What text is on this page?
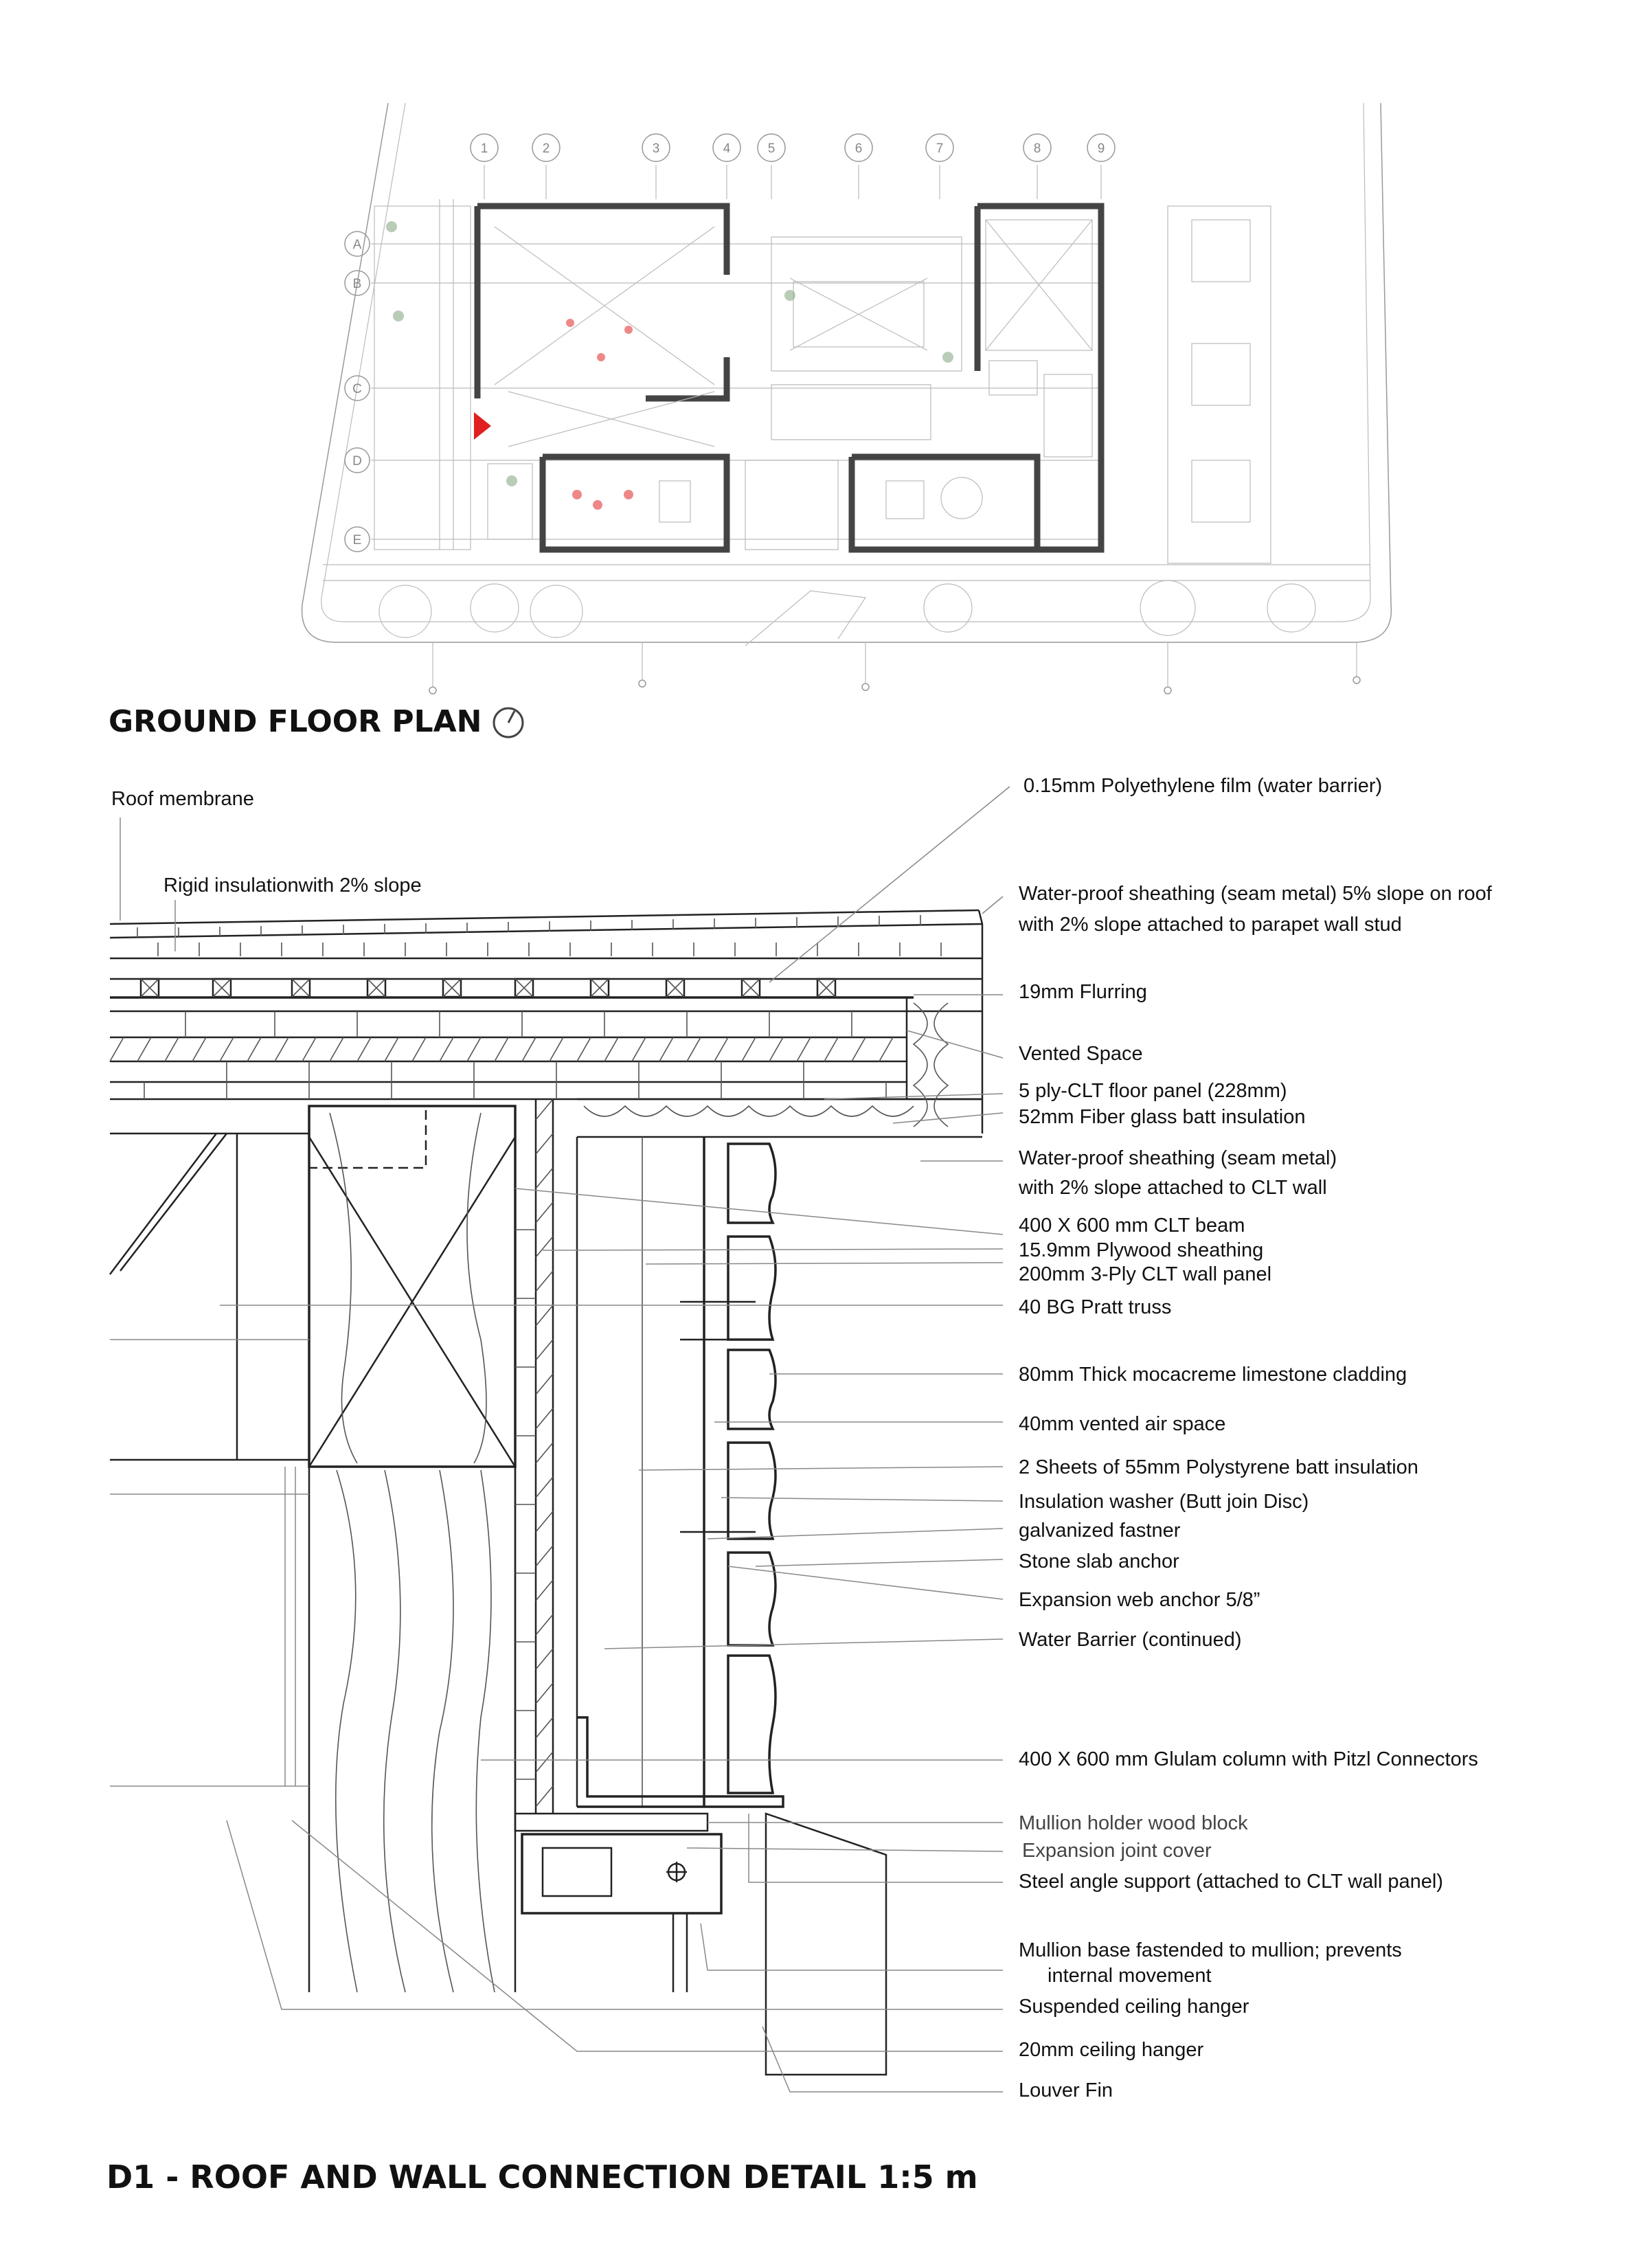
1	2	3	4	5	6	7	8	9
A
B
C
D
E
GROUND FLOOR PLAN
Roof membrane
Rigid insulationwith 2% slope
0.15mm Polyethylene film (water barrier)
Water-proof sheathing (seam metal) 5% slope on roof
with 2% slope attached to parapet wall stud
19mm Flurring
Vented Space
5 ply-CLT floor panel (228mm)
52mm Fiber glass batt insulation
Water-proof sheathing (seam metal)
with 2% slope attached to CLT wall
400 X 600 mm CLT beam
15.9mm Plywood sheathing
200mm 3-Ply CLT wall panel
40 BG Pratt truss
80mm Thick mocacreme limestone cladding
40mm vented air space
2 Sheets of 55mm Polystyrene batt insulation
Insulation washer (Butt join Disc)
galvanized fastner
Stone slab anchor
Expansion web anchor 5/8”
Water Barrier (continued)
400 X 600 mm Glulam column with Pitzl Connectors
Mullion holder wood block
Expansion joint cover
Steel angle support (attached to CLT wall panel)
Mullion base fastended to mullion; prevents
internal movement
Suspended ceiling hanger
20mm ceiling hanger
Louver Fin
D1 - ROOF AND WALL CONNECTION DETAIL 1:5 m
